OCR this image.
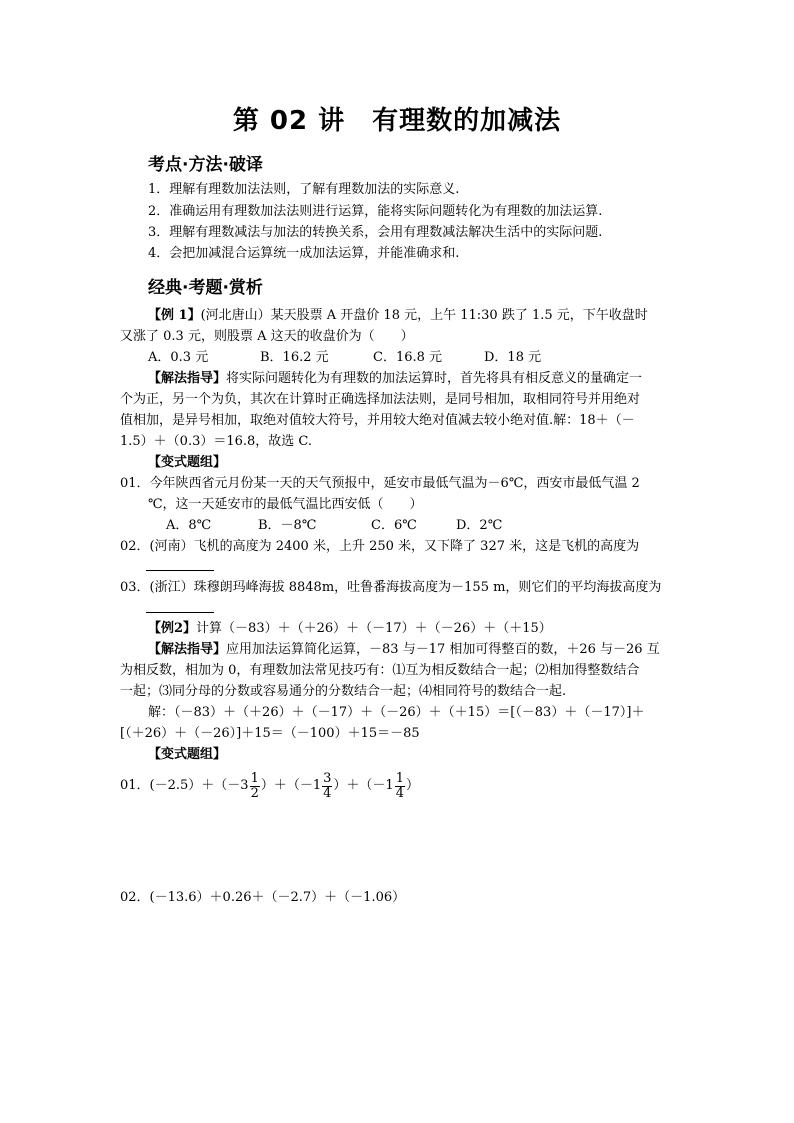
第 02 讲　有理数的加减法
考点·方法·破译
1．理解有理数加法法则，了解有理数加法的实际意义.
2．准确运用有理数加法法则进行运算，能将实际问题转化为有理数的加法运算.
3．理解有理数减法与加法的转换关系，会用有理数减法解决生活中的实际问题.
4．会把加减混合运算统一成加法运算，并能准确求和.
经典·考题·赏析
【例 1】(河北唐山）某天股票 A 开盘价 18 元，上午 11:30 跌了 1.5 元，下午收盘时
又涨了 0.3 元，则股票 A 这天的收盘价为（　　）
A．0.3 元	B．16.2 元	C．16.8 元	D．18 元
【解法指导】将实际问题转化为有理数的加法运算时，首先将具有相反意义的量确定一
个为正，另一个为负，其次在计算时正确选择加法法则，是同号相加，取相同符号并用绝对
值相加，是异号相加，取绝对值较大符号，并用较大绝对值减去较小绝对值.解：18＋（－
1.5）＋（0.3）＝16.8，故选 C.
【变式题组】
01．今年陕西省元月份某一天的天气预报中，延安市最低气温为－6℃，西安市最低气温 2
℃，这一天延安市的最低气温比西安低（　　）
A．8℃	B．－8℃	C．6℃	D．2℃
02．(河南）飞机的高度为 2400 米，上升 250 米，又下降了 327 米，这是飞机的高度为
03．(浙江）珠穆朗玛峰海拔 8848m，吐鲁番海拔高度为－155 m，则它们的平均海拔高度为
【例2】计算（－83）＋（＋26）＋（－17）＋（－26）＋（＋15）
【解法指导】应用加法运算简化运算，－83 与－17 相加可得整百的数，＋26 与－26 互
为相反数，相加为 0，有理数加法常见技巧有：⑴互为相反数结合一起；⑵相加得整数结合
一起；⑶同分母的分数或容易通分的分数结合一起；⑷相同符号的数结合一起.
解：（－83）＋（＋26）＋（－17）＋（－26）＋（＋15）＝[（－83）＋（－17）]＋
[（＋26）＋（－26）]＋15＝（－100）＋15＝－85
【变式题组】
01．$(-2.5)+(-3 \frac{1}{2} )+(-1 \frac{3}{4} )+(-1 \frac{1}{4}$ ）
02．(－13.6）＋0.26＋（－2.7）＋（－1.06）
